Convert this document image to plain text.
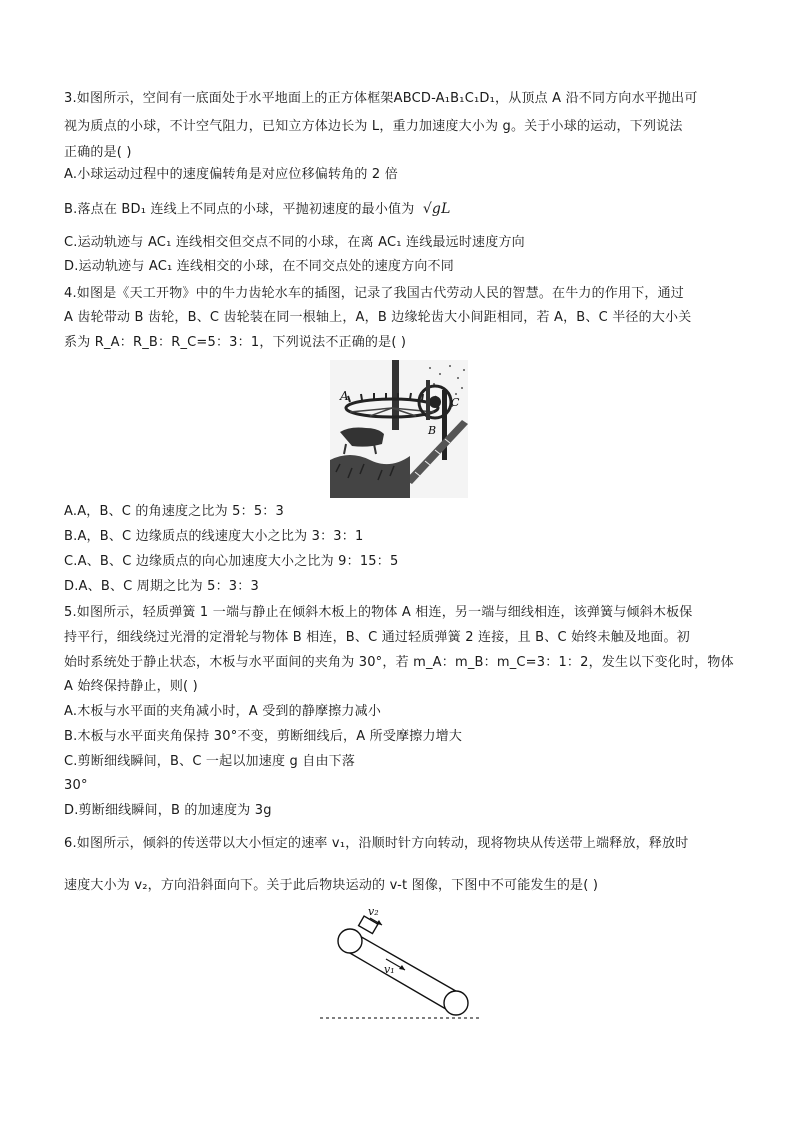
3.如图所示，空间有一底面处于水平地面上的正方体框架ABCD-A₁B₁C₁D₁，从顶点 A 沿不同方向水平抛出可
视为质点的小球，不计空气阻力，已知立方体边长为 L，重力加速度大小为 g。关于小球的运动，下列说法
正确的是( )
A.小球运动过程中的速度偏转角是对应位移偏转角的 2 倍
B.落点在 BD₁ 连线上不同点的小球，平抛初速度的最小值为 √gL
C.运动轨迹与 AC₁ 连线相交但交点不同的小球，在离 AC₁ 连线最远时速度方向
D.运动轨迹与 AC₁ 连线相交的小球，在不同交点处的速度方向不同
4.如图是《天工开物》中的牛力齿轮水车的插图，记录了我国古代劳动人民的智慧。在牛力的作用下，通过
A 齿轮带动 B 齿轮，B、C 齿轮装在同一根轴上，A，B 边缘轮齿大小间距相同，若 A，B、C 半径的大小关
系为 R_A：R_B：R_C=5：3：1，下列说法不正确的是( )
A
B
C
A.A，B、C 的角速度之比为 5：5：3
B.A，B、C 边缘质点的线速度大小之比为 3：3：1
C.A、B、C 边缘质点的向心加速度大小之比为 9：15：5
D.A、B、C 周期之比为 5：3：3
5.如图所示，轻质弹簧 1 一端与静止在倾斜木板上的物体 A 相连，另一端与细线相连，该弹簧与倾斜木板保
持平行，细线绕过光滑的定滑轮与物体 B 相连，B、C 通过轻质弹簧 2 连接，且 B、C 始终未触及地面。初
始时系统处于静止状态，木板与水平面间的夹角为 30°，若 m_A：m_B：m_C=3：1：2，发生以下变化时，物体
A 始终保持静止，则( )
A.木板与水平面的夹角减小时，A 受到的静摩擦力减小
B.木板与水平面夹角保持 30°不变，剪断细线后，A 所受摩擦力增大
C.剪断细线瞬间，B、C 一起以加速度 g 自由下落
30°
D.剪断细线瞬间，B 的加速度为 3g
6.如图所示，倾斜的传送带以大小恒定的速率 v₁，沿顺时针方向转动，现将物块从传送带上端释放，释放时
速度大小为 v₂，方向沿斜面向下。关于此后物块运动的 v-t 图像，下图中不可能发生的是( )
v₁
v₂
